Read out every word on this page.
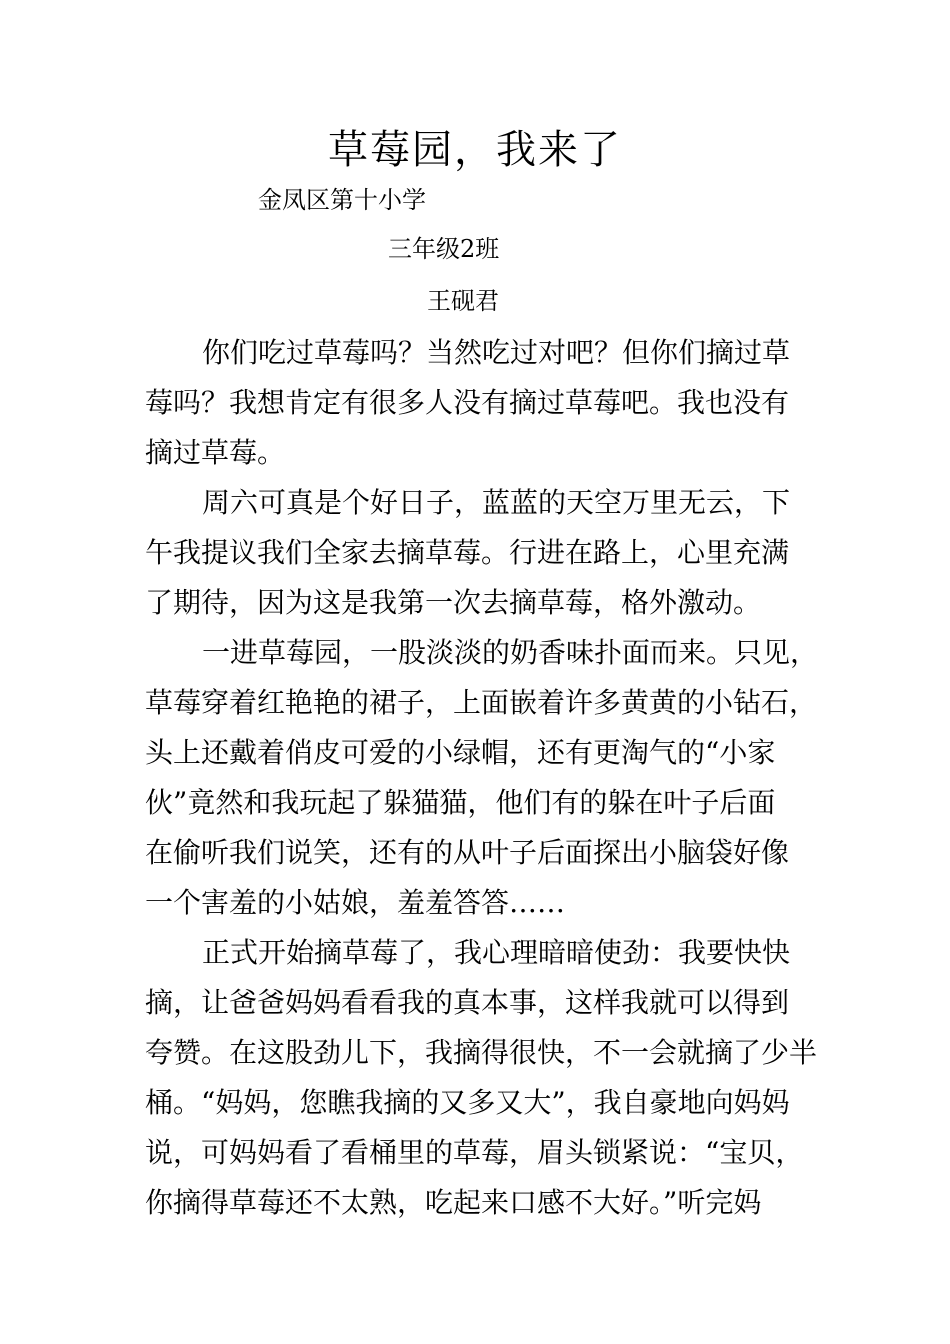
草莓园，我来了
金凤区第十小学
三年级2班
王砚君
你们吃过草莓吗？当然吃过对吧？但你们摘过草
莓吗？我想肯定有很多人没有摘过草莓吧。我也没有
摘过草莓。
周六可真是个好日子，蓝蓝的天空万里无云，下
午我提议我们全家去摘草莓。行进在路上，心里充满
了期待，因为这是我第一次去摘草莓，格外激动。
一进草莓园，一股淡淡的奶香味扑面而来。只见，
草莓穿着红艳艳的裙子，上面嵌着许多黄黄的小钻石，
头上还戴着俏皮可爱的小绿帽，还有更淘气的“小家
伙”竟然和我玩起了躲猫猫，他们有的躲在叶子后面
在偷听我们说笑，还有的从叶子后面探出小脑袋好像
一个害羞的小姑娘，羞羞答答……
正式开始摘草莓了，我心理暗暗使劲：我要快快
摘，让爸爸妈妈看看我的真本事，这样我就可以得到
夸赞。在这股劲儿下，我摘得很快，不一会就摘了少半
桶。“妈妈，您瞧我摘的又多又大”，我自豪地向妈妈
说，可妈妈看了看桶里的草莓，眉头锁紧说：“宝贝，
你摘得草莓还不太熟，吃起来口感不大好。”听完妈
